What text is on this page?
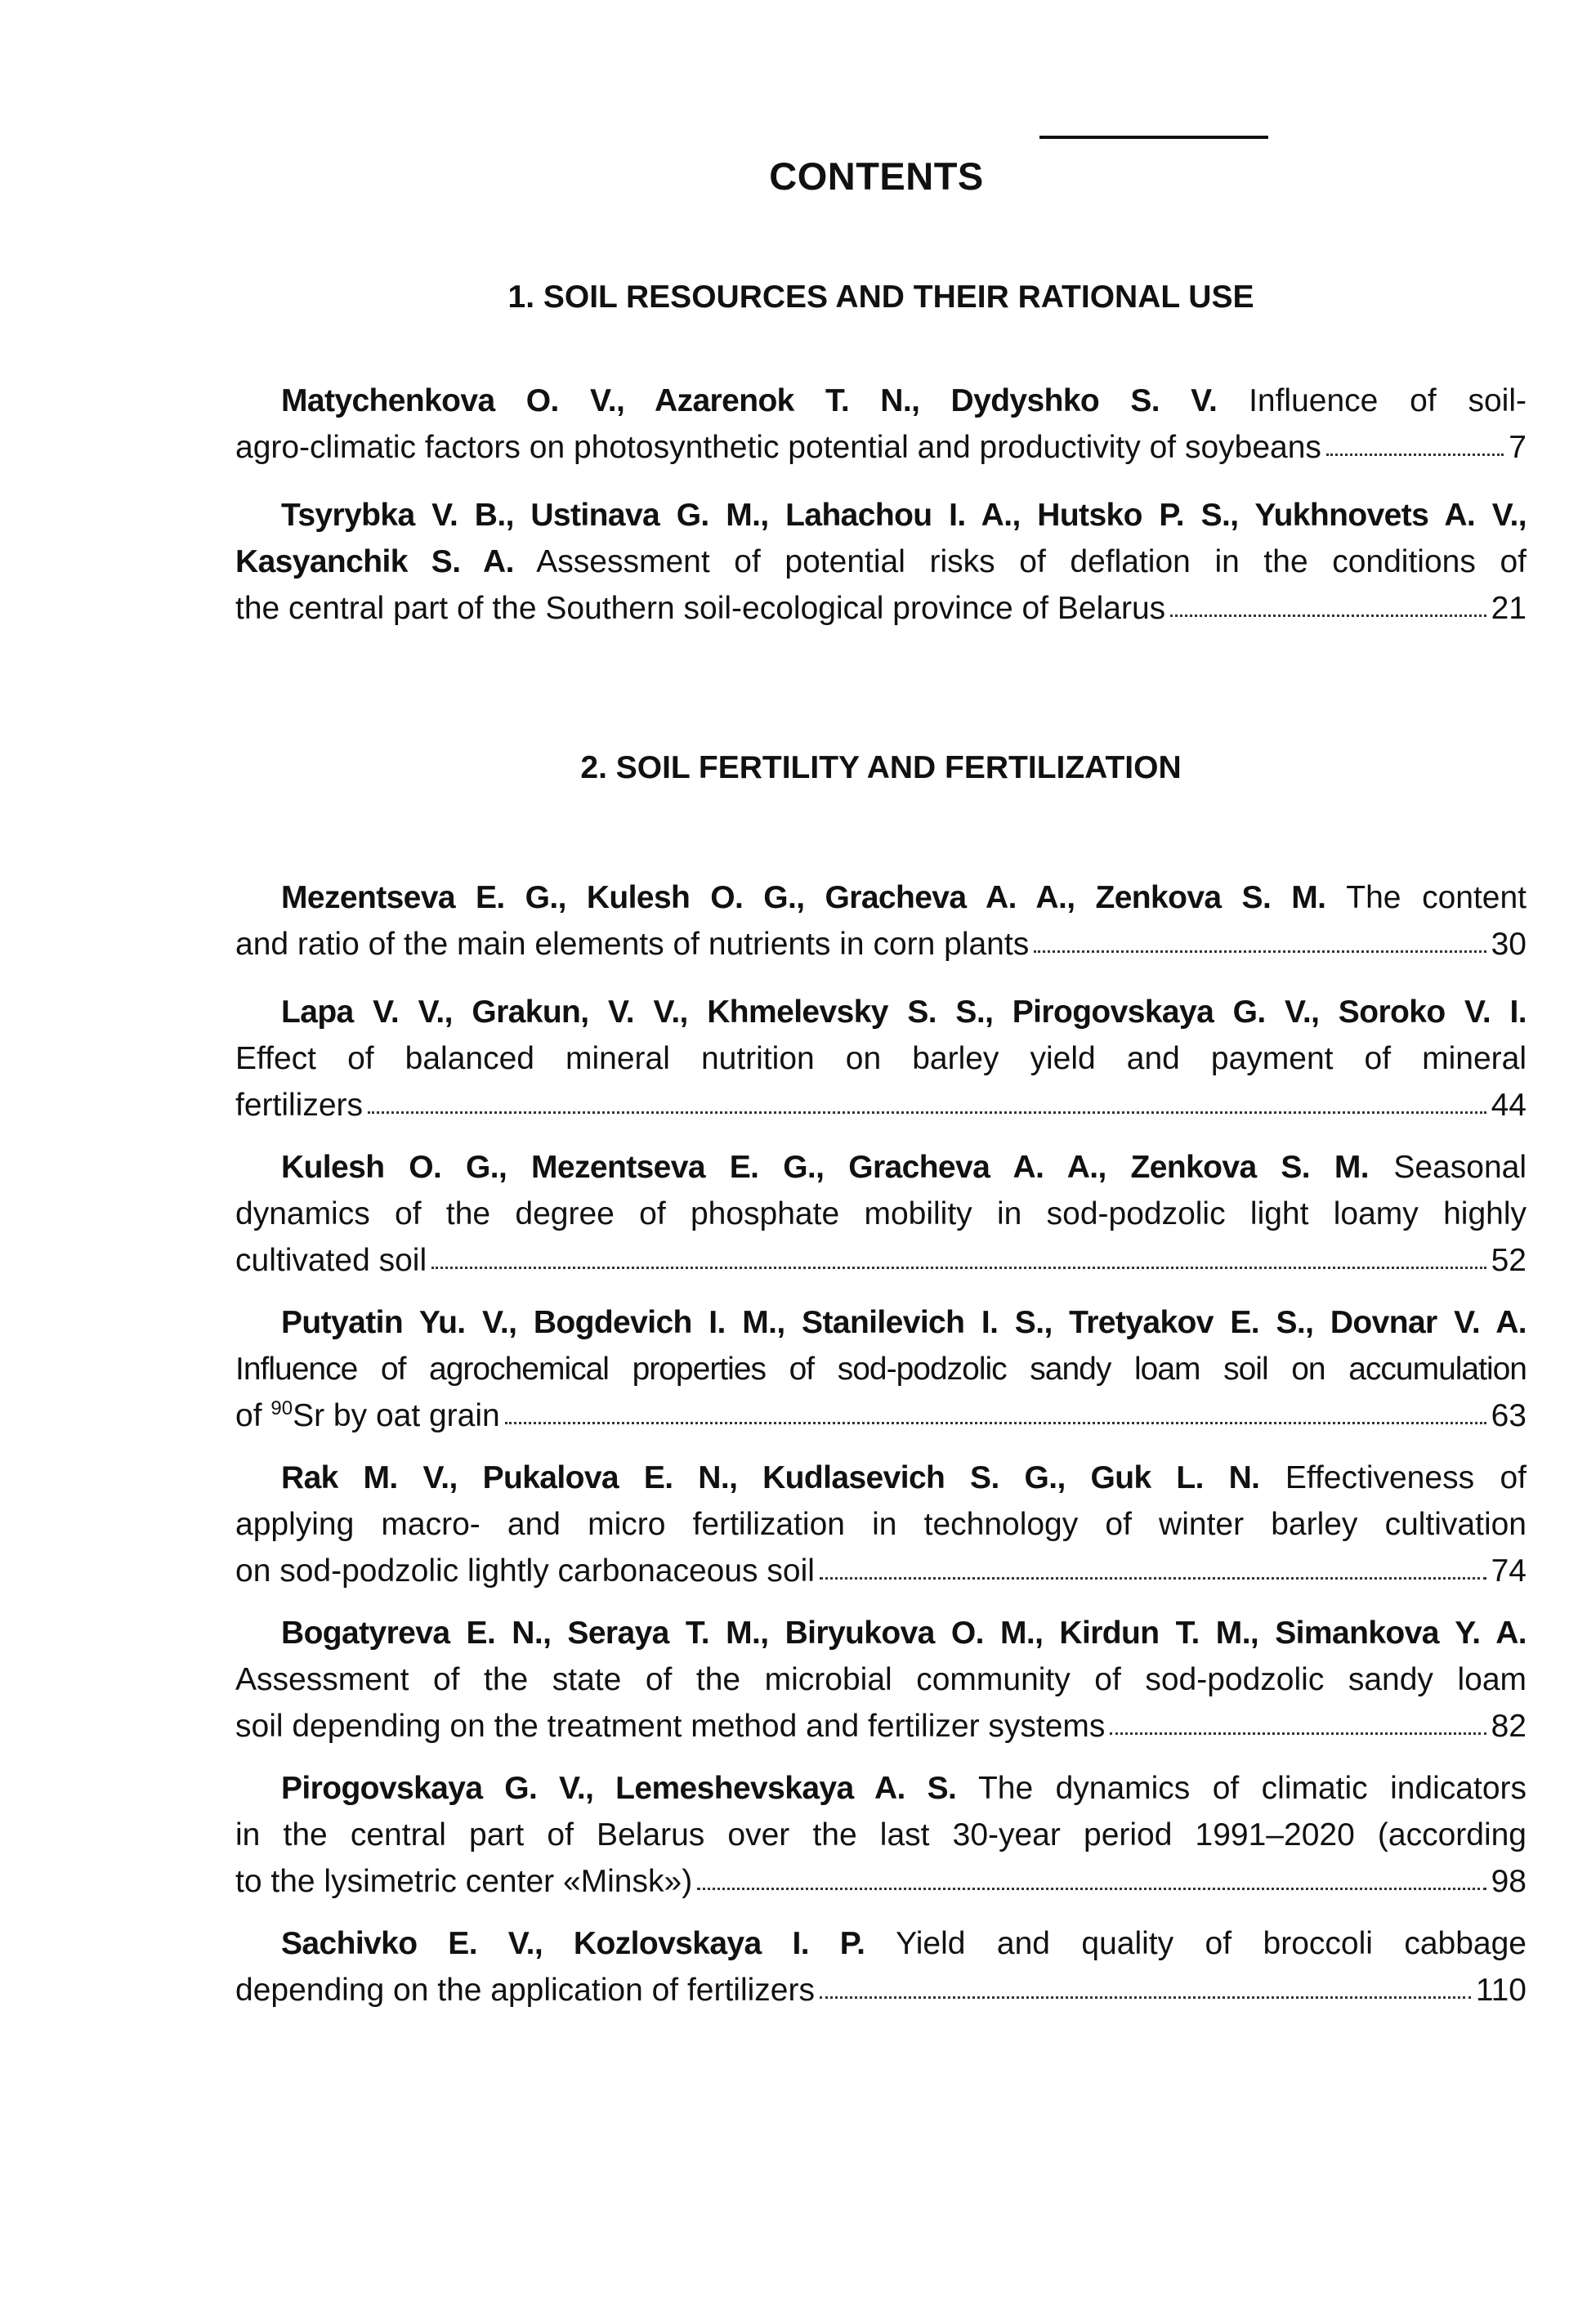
CONTENTS
1. SOIL RESOURCES AND THEIR RATIONAL USE
Matychenkova O. V., Azarenok T. N., Dydyshko S. V. Influence of soil-
agro-climatic factors on photosynthetic potential and productivity of soybeans	7
Tsyrybka V. B., Ustinava G. M., Lahachou I. A., Hutsko P. S., Yukhnovets A. V.,
Kasyanchik S. A. Assessment of potential risks of deflation in the conditions of
the central part of the Southern soil-ecological province of Belarus	21
2. SOIL FERTILITY AND FERTILIZATION
Mezentseva E. G., Kulesh O. G., Gracheva A. A., Zenkova S. M. The content
and ratio of the main elements of nutrients in corn plants	30
Lapa V. V., Grakun, V. V., Khmelevsky S. S., Pirogovskaya G. V., Soroko V. I.
Effect of balanced mineral nutrition on barley yield and payment of mineral
fertilizers	44
Kulesh O. G., Mezentseva E. G., Gracheva A. A., Zenkova S. M. Seasonal
dynamics of the degree of phosphate mobility in sod-podzolic light loamy highly
cultivated soil	52
Putyatin Yu. V., Bogdevich I. M., Stanilevich I. S., Tretyakov E. S., Dovnar V. A.
Influence of agrochemical properties of sod-podzolic sandy loam soil on accumulation
of $^{90}$Sr by oat grain	63
Rak M. V., Pukalova E. N., Kudlasevich S. G., Guk L. N. Effectiveness of
applying macro- and micro fertilization in technology of winter barley cultivation
on sod-podzolic lightly carbonaceous soil	74
Bogatyreva E. N., Seraya T. M., Biryukova O. M., Kirdun T. M., Simankova Y. A.
Assessment of the state of the microbial community of sod-podzolic sandy loam
soil depending on the treatment method and fertilizer systems	82
Pirogovskaya G. V., Lemeshevskaya A. S. The dynamics of climatic indicators
in the central part of Belarus over the last 30-year period 1991–2020 (according
to the lysimetric center «Minsk»)	98
Sachivko E. V., Kozlovskaya I. P. Yield and quality of broccoli cabbage
depending on the application of fertilizers	110
